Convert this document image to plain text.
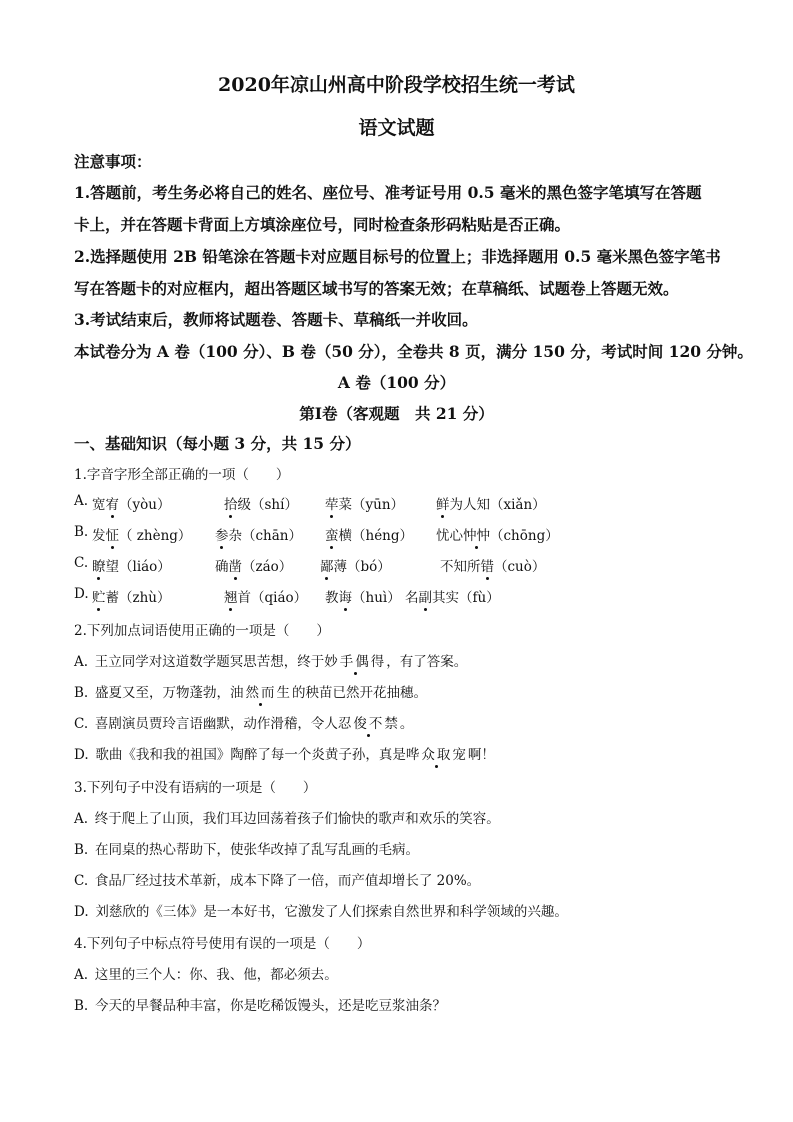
2020年凉山州高中阶段学校招生统一考试
语文试题
注意事项：
1.答题前，考生务必将自己的姓名、座位号、准考证号用 0.5 毫米的黑色签字笔填写在答题
卡上，并在答题卡背面上方填涂座位号，同时检查条形码粘贴是否正确。
2.选择题使用 2B 铅笔涂在答题卡对应题目标号的位置上；非选择题用 0.5 毫米黑色签字笔书
写在答题卡的对应框内，超出答题区域书写的答案无效；在草稿纸、试题卷上答题无效。
3.考试结束后，教师将试题卷、答题卡、草稿纸一并收回。
本试卷分为 A 卷（100 分）、B 卷（50 分），全卷共 8 页，满分 150 分，考试时间 120 分钟。
A 卷（100 分）
第Ⅰ卷（客观题　共 21 分）
一、基础知识（每小题 3 分，共 15 分）
1.字音字形全部正确的一项（　　）
A. 宽宥（yòu）	拾级（shí） 荦菜（yūn） 鲜为人知（xiǎn）
B. 发怔（ zhèng） 参杂（chān） 蛮横（héng） 忧心忡忡（chōng）
C. 瞭望（liáo）	确凿（záo） 鄙薄（bó）	不知所错（cuò）
D. 贮蓄（zhù）	翘首（qiáo） 教诲（huì） 名副其实（fù）
2.下列加点词语使用正确的一项是（　　）
A.  王立同学对这道数学题冥思苦想，终于妙手偶得，有了答案。
B.  盛夏又至，万物蓬勃，油然而生的秧苗已然开花抽穗。
C.  喜剧演员贾玲言语幽默，动作滑稽，令人忍俊不禁。
D.  歌曲《我和我的祖国》陶醉了每一个炎黄子孙，真是哗众取宠啊！
3.下列句子中没有语病的一项是（　　）
A.  终于爬上了山顶，我们耳边回荡着孩子们愉快的歌声和欢乐的笑容。
B.  在同桌的热心帮助下，使张华改掉了乱写乱画的毛病。
C.  食品厂经过技术革新，成本下降了一倍，而产值却增长了 20%。
D.  刘慈欣的《三体》是一本好书，它激发了人们探索自然世界和科学领域的兴趣。
4.下列句子中标点符号使用有误的一项是（　　）
A.  这里的三个人：你、我、他，都必须去。
B.  今天的早餐品种丰富，你是吃稀饭馒头，还是吃豆浆油条？
